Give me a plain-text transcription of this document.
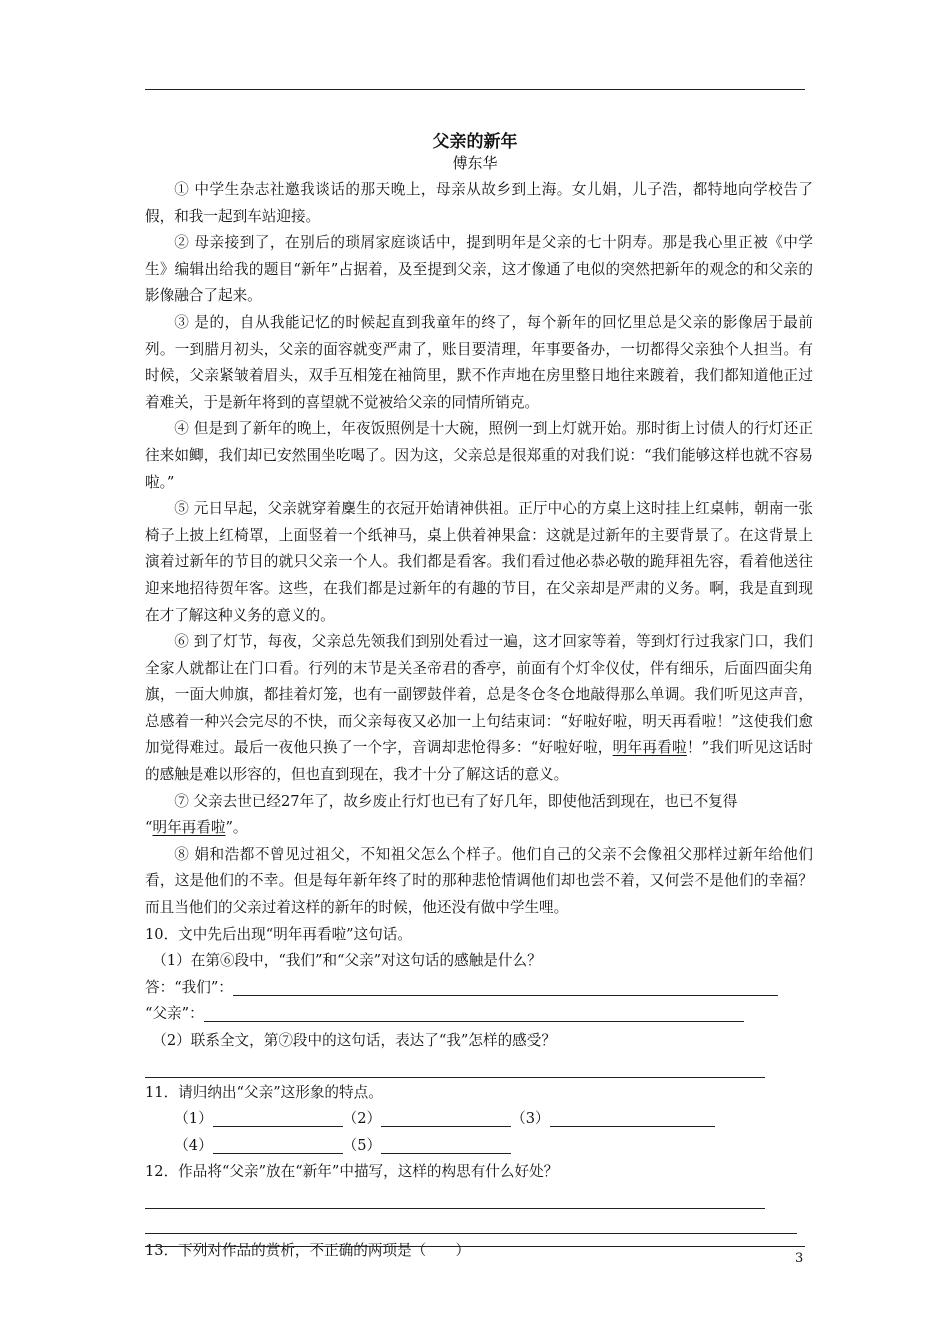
父亲的新年
傅东华

① 中学生杂志社邀我谈话的那天晚上，母亲从故乡到上海。女儿娟，儿子浩，都特地向学校告了假，和我一起到车站迎接。

② 母亲接到了，在别后的琐屑家庭谈话中，提到明年是父亲的七十阴寿。那是我心里正被《中学生》编辑出给我的题目“新年”占据着，及至提到父亲，这才像通了电似的突然把新年的观念的和父亲的影像融合了起来。

③ 是的，自从我能记忆的时候起直到我童年的终了，每个新年的回忆里总是父亲的影像居于最前列。一到腊月初头，父亲的面容就变严肃了，账目要清理，年事要备办，一切都得父亲独个人担当。有时候，父亲紧皱着眉头，双手互相笼在袖筒里，默不作声地在房里整日地往来踱着，我们都知道他正过着难关，于是新年将到的喜望就不觉被给父亲的同情所销克。

④ 但是到了新年的晚上，年夜饭照例是十大碗，照例一到上灯就开始。那时街上讨债人的行灯还正往来如鲫，我们却已安然围坐吃喝了。因为这，父亲总是很郑重的对我们说：“我们能够这样也就不容易啦。”

⑤ 元日早起，父亲就穿着麇生的衣冠开始请神供祖。正厅中心的方桌上这时挂上红桌帏，朝南一张椅子上披上红椅罩，上面竖着一个纸神马，桌上供着神果盒：这就是过新年的主要背景了。在这背景上演着过新年的节目的就只父亲一个人。我们都是看客。我们看过他必恭必敬的跪拜祖先容，看着他送往迎来地招待贺年客。这些，在我们都是过新年的有趣的节目，在父亲却是严肃的义务。啊，我是直到现在才了解这种义务的意义的。

⑥ 到了灯节，每夜，父亲总先领我们到别处看过一遍，这才回家等着，等到灯行过我家门口，我们全家人就都让在门口看。行列的末节是关圣帝君的香亭，前面有个灯伞仪仗，伴有细乐，后面四面尖角旗，一面大帅旗，都挂着灯笼，也有一副锣鼓伴着，总是冬仓冬仓地敲得那么单调。我们听见这声音，总感着一种兴会完尽的不快，而父亲每夜又必加一上句结束词：“好啦好啦，明天再看啦！”这使我们愈加觉得难过。最后一夜他只换了一个字，音调却悲怆得多：“好啦好啦，明年再看啦！”我们听见这话时的感触是难以形容的，但也直到现在，我才十分了解这话的意义。

⑦ 父亲去世已经27年了，故乡废止行灯也已有了好几年，即使他活到现在，也已不复得
“明年再看啦”。

⑧ 娟和浩都不曾见过祖父，不知祖父怎么个样子。他们自己的父亲不会像祖父那样过新年给他们看，这是他们的不幸。但是每年新年终了时的那种悲怆情调他们却也尝不着，又何尝不是他们的幸福？而且当他们的父亲过着这样的新年的时候，他还没有做中学生哩。

10．文中先后出现“明年再看啦”这句话。

（1）在第⑥段中，“我们”和“父亲”对这句话的感触是什么？

答：“我们”：

“父亲”：

（2）联系全文，第⑦段中的这句话，表达了“我”怎样的感受？

11．请归纳出“父亲”这形象的特点。

（1）	（2）	（3）

（4）	（5）

12．作品将“父亲”放在“新年”中描写，这样的构思有什么好处？

13．下列对作品的赏析，不正确的两项是（　　）	3
